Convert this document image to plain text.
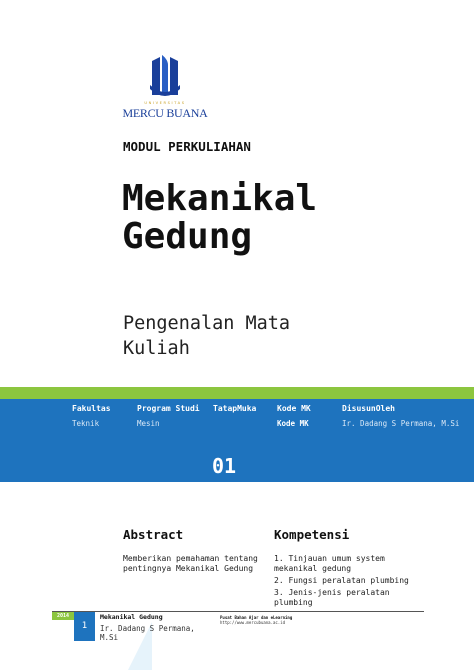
UNIVERSITAS
MERCU BUANA
MODUL PERKULIAHAN
Mekanikal
Gedung
Pengenalan Mata
Kuliah
Fakultas
Teknik
Program Studi
Mesin
TatapMuka	Kode MK
Kode MK
DisusunOleh
Ir. Dadang S Permana, M.Si
01
Abstract	Kompetensi
Memberikan pemahaman tentang pentingnya Mekanikal Gedung
1. Tinjauan umum system mekanikal gedung
2. Fungsi peralatan plumbing
3. Jenis-jenis peralatan plumbing
2014
1
Mekanikal Gedung
Ir. Dadang S Permana, M.Si
Pusat Bahan Ajar dan eLearning
http://www.mercubuana.ac.id
